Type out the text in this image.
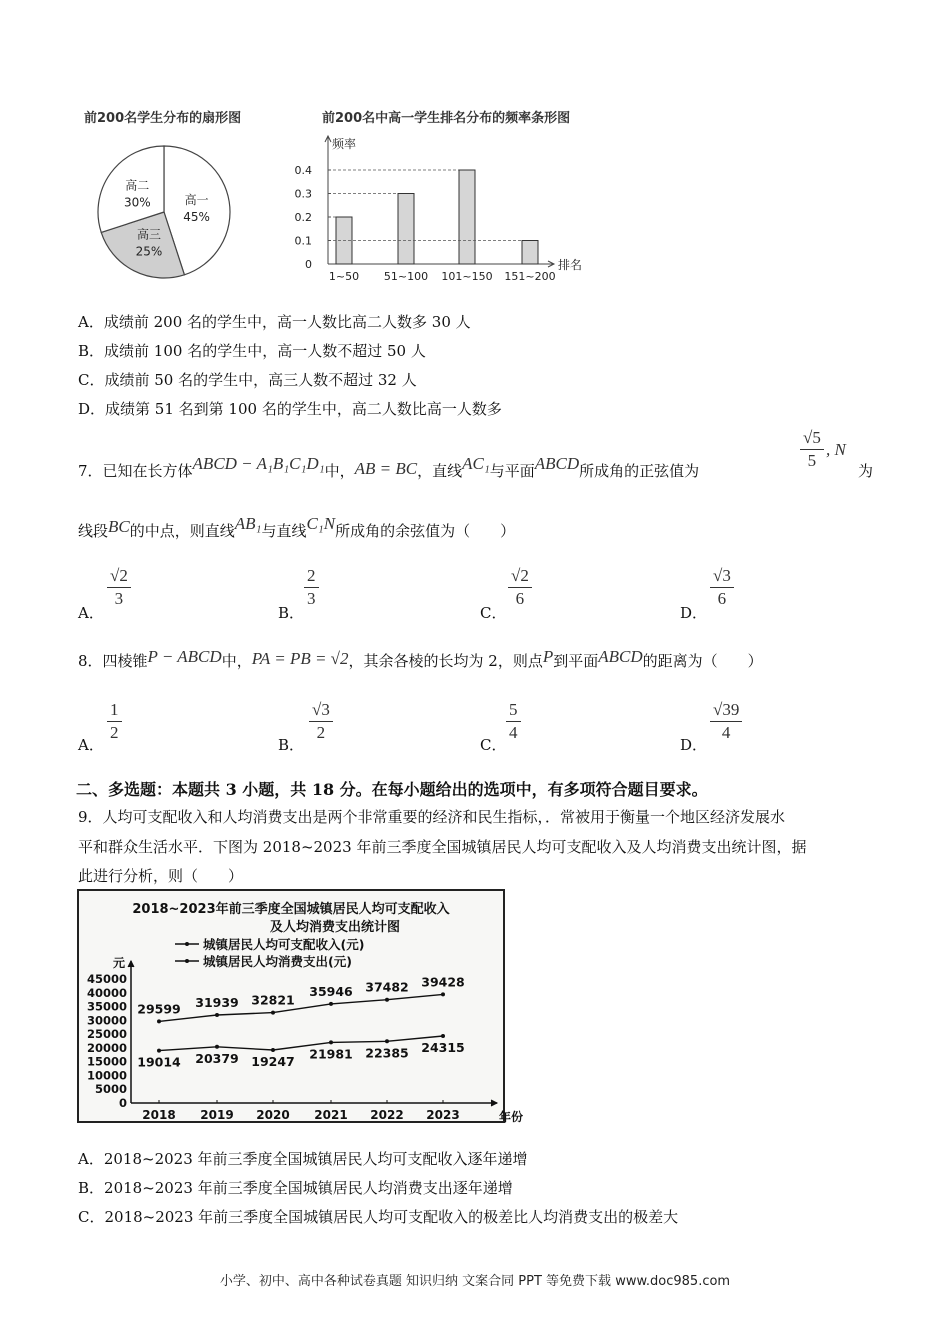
前200名学生分布的扇形图
高一
45%
高三
25%
高二
30%
前200名中高一学生排名分布的频率条形图
频率
排名
0
0.1
0.2
0.3
0.4
1~50 51~100 101~150 151~200
A．成绩前 200 名的学生中，高一人数比高二人数多 30 人
B．成绩前 100 名的学生中，高一人数不超过 50 人
C．成绩前 50 名的学生中，高三人数不超过 32 人
D．成绩第 51 名到第 100 名的学生中，高二人数比高一人数多
7．已知在长方体ABCD − A₁B₁C₁D₁中，AB = BC，直线AC₁与平面ABCD所成角的正弦值为	$\frac{√5}{5}$ , N
为
线段BC的中点，则直线AB₁与直线C₁N所成角的余弦值为（　　）
A．
$\frac{√2}{3}$
B．
$\frac{2}{3}$
C．
$\frac{√2}{6}$
D．
$\frac{√3}{6}$
8．四棱锥P − ABCD中，PA = PB = √2，其余各棱的长均为 2，则点P到平面ABCD的距离为（　　）
A．
$\frac{1}{2}$
B．
$\frac{√3}{2}$
C．
$\frac{5}{4}$
D．
$\frac{√39}{4}$
二、多选题：本题共 3 小题，共 18 分。在每小题给出的选项中，有多项符合题目要求。
9．人均可支配收入和人均消费支出是两个非常重要的经济和民生指标，．常被用于衡量一个地区经济发展水
平和群众生活水平．下图为 2018~2023 年前三季度全国城镇居民人均可支配收入及人均消费支出统计图，据
此进行分析，则（　　）
2018~2023年前三季度全国城镇居民人均可支配收入
及人均消费支出统计图
城镇居民人均可支配收入(元)
城镇居民人均消费支出(元)
元
年份
0
5000
10000
15000
20000
25000
30000
35000
40000
45000
2018 2019 2020 2021 2022 2023
29599 31939 32821
35946 37482 39428
19014 20379 19247
21981 22385 24315
A．2018~2023 年前三季度全国城镇居民人均可支配收入逐年递增
B．2018~2023 年前三季度全国城镇居民人均消费支出逐年递增
C．2018~2023 年前三季度全国城镇居民人均可支配收入的极差比人均消费支出的极差大
小学、初中、高中各种试卷真题 知识归纳 文案合同 PPT 等免费下载 www.doc985.com
